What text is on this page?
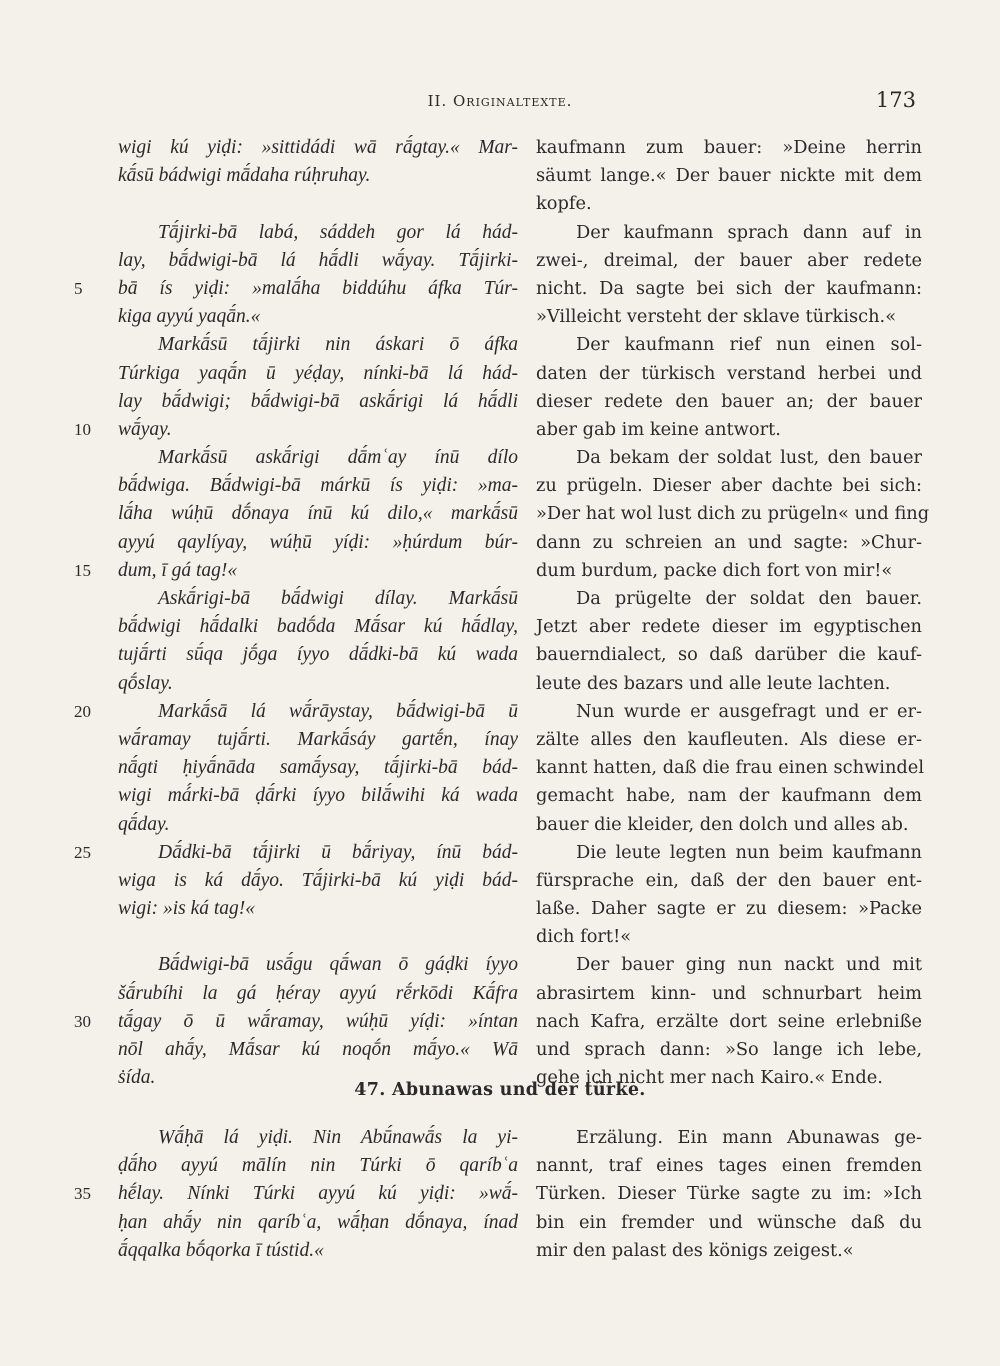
II. Originaltexte.	173
wigi kú yiḍi: »sittidádi wā rā́gtay.« Mar-
kā́sū bádwigi mā́daha rúḥruhay.
Tā́jirki-bā labá, sáddeh gor lá hád-
lay, bā́dwigi-bā lá hā́dli wā́yay. Tā́jirki-
bā ís yiḍi: »malā́ha biddúhu áfka Túr-
5
kiga ayyú yaqā́n.«
Markā́sū tā́jirki nin áskari ō áfka
Túrkiga yaqā́n ū yéḍay, nínki-bā lá hád-
lay bā́dwigi; bā́dwigi-bā askā́rigi lá hā́dli
wā́yay.
10
Markā́sū askā́rigi dā́mʿay ínū dílo
bā́dwiga. Bā́dwigi-bā márkū ís yiḍi: »ma-
lā́ha wúḥū dṓnaya ínū kú dilo,« markā́sū
ayyú qaylíyay, wúḥū yíḍi: »ḥúrdum búr-
dum, ī gá tag!«
15
Askā́rigi-bā bā́dwigi dílay. Markā́sū
bā́dwigi hā́dalki badṓda Mā́sar kú hā́dlay,
tujā́rti sū́qa jṓga íyyo dā́dki-bā kú wada
qṓslay.
Markā́sā lá wā́rāystay, bā́dwigi-bā ū
20
wā́ramay tujā́rti. Markā́sáy gartḗn, ínay
nā́gti ḥiyā́nāda samā́ysay, tā́jirki-bā bád-
wigi má́rki-bā ḍā́rki íyyo bilā́wihi ká wada
qā́day.
Dā́dki-bā tā́jirki ū bā́riyay, ínū bád-
25
wiga is ká dā́yo. Tā́jirki-bā kú yiḍi bád-
wigi: »is ká tag!«
Bā́dwigi-bā usā́gu qā́wan ō gáḍki íyyo
šā́rubíhi la gá ḥéray ayyú rḗrkōdi Kā́fra
tā́gay ō ū wā́ramay, wúḥū yíḍi: »íntan
30
nōl ahā́y, Mā́sar kú noqṓn mā́yo.« Wā
ṡída.
kaufmann zum bauer: »Deine herrin
säumt lange.« Der bauer nickte mit dem
kopfe.
Der kaufmann sprach dann auf in
zwei-, dreimal, der bauer aber redete
nicht. Da sagte bei sich der kaufmann:
»Villeicht versteht der sklave türkisch.«
Der kaufmann rief nun einen sol-
daten der türkisch verstand herbei und
dieser redete den bauer an; der bauer
aber gab im keine antwort.
Da bekam der soldat lust, den bauer
zu prügeln. Dieser aber dachte bei sich:
»Der hat wol lust dich zu prügeln« und fing
dann zu schreien an und sagte: »Chur-
dum burdum, packe dich fort von mir!«
Da prügelte der soldat den bauer.
Jetzt aber redete dieser im egyptischen
bauerndialect, so daß darüber die kauf-
leute des bazars und alle leute lachten.
Nun wurde er ausgefragt und er er-
zälte alles den kaufleuten. Als diese er-
kannt hatten, daß die frau einen schwindel
gemacht habe, nam der kaufmann dem
bauer die kleider, den dolch und alles ab.
Die leute legten nun beim kaufmann
fürsprache ein, daß der den bauer ent-
laße. Daher sagte er zu diesem: »Packe
dich fort!«
Der bauer ging nun nackt und mit
abrasirtem kinn- und schnurbart heim
nach Kafra, erzälte dort seine erlebniße
und sprach dann: »So lange ich lebe,
gehe ich nicht mer nach Kairo.« Ende.
47. Abunawas und der türke.
Wā́ḥā lá yiḍi. Nin Abū́nawā́s la yi-
ḍā́ho ayyú mālín nin Túrki ō qaríbʿa
hḗlay. Nínki Túrki ayyú kú yiḍi: »wā́-
35
ḥan ahā́y nin qaríbʿa, wā́ḥan dṓnaya, ínad
ā́qqalka bṓqorka ī tústid.«
Erzälung. Ein mann Abunawas ge-
nannt, traf eines tages einen fremden
Türken. Dieser Türke sagte zu im: »Ich
bin ein fremder und wünsche daß du
mir den palast des königs zeigest.«
